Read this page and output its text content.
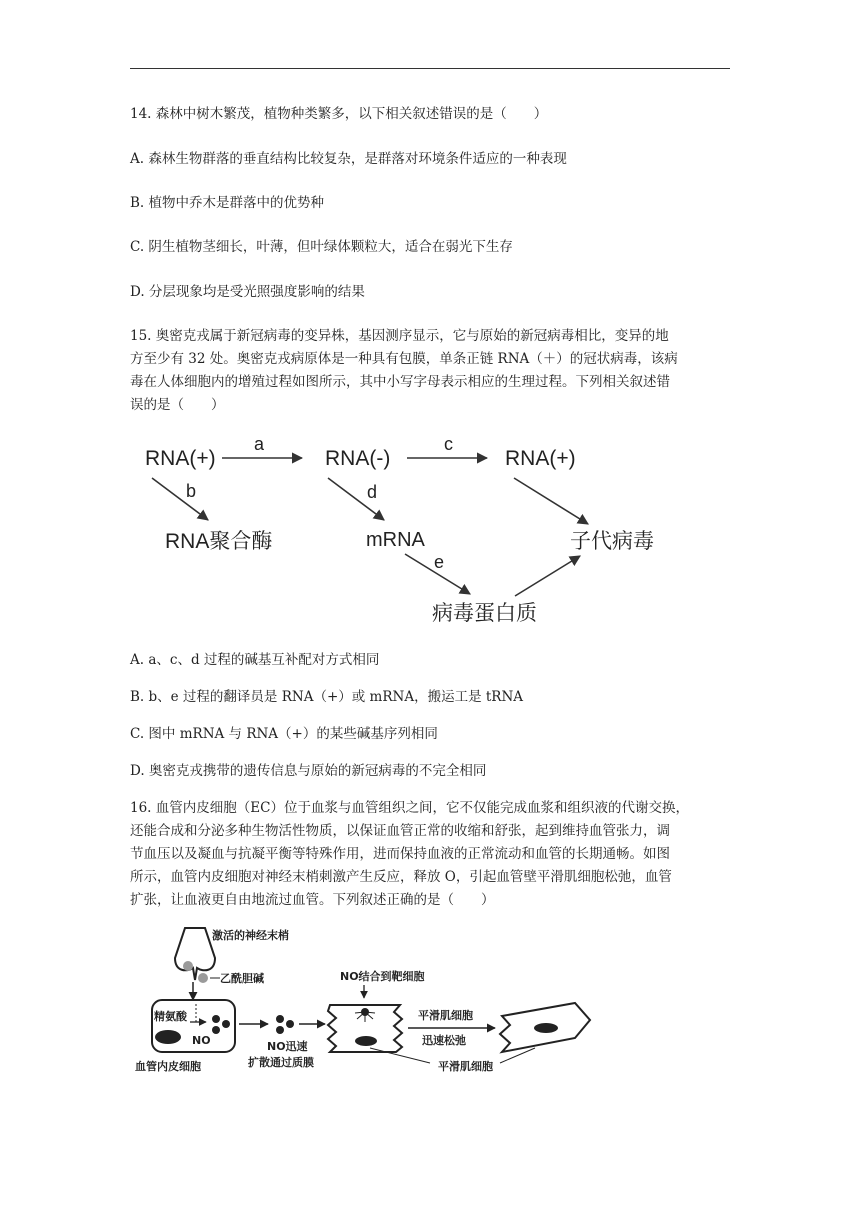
14. 森林中树木繁茂，植物种类繁多，以下相关叙述错误的是（　　）
A. 森林生物群落的垂直结构比较复杂，是群落对环境条件适应的一种表现
B. 植物中乔木是群落中的优势种
C. 阴生植物茎细长，叶薄，但叶绿体颗粒大，适合在弱光下生存
D. 分层现象均是受光照强度影响的结果
15. 奥密克戎属于新冠病毒的变异株，基因测序显示，它与原始的新冠病毒相比，变异的地
方至少有 32 处。奥密克戎病原体是一种具有包膜，单条正链 RNA（＋）的冠状病毒，该病
毒在人体细胞内的增殖过程如图所示，其中小写字母表示相应的生理过程。下列相关叙述错
误的是（　　）
RNA(+)	RNA(-)	RNA(+)
a	c
b
RNA聚合酶
d
mRNA	子代病毒
e
病毒蛋白质
A. a、c、d 过程的碱基互补配对方式相同
B. b、e 过程的翻译员是 RNA（+）或 mRNA，搬运工是 tRNA
C. 图中 mRNA 与 RNA（+）的某些碱基序列相同
D. 奥密克戎携带的遗传信息与原始的新冠病毒的不完全相同
16. 血管内皮细胞（EC）位于血浆与血管组织之间，它不仅能完成血浆和组织液的代谢交换，
还能合成和分泌多种生物活性物质，以保证血管正常的收缩和舒张，起到维持血管张力，调
节血压以及凝血与抗凝平衡等特殊作用，进而保持血液的正常流动和血管的长期通畅。如图
所示，血管内皮细胞对神经末梢刺激产生反应，释放 O，引起血管壁平滑肌细胞松弛，血管
扩张，让血液更自由地流过血管。下列叙述正确的是（　　）
激活的神经末梢
乙酰胆碱
精氨酸
NO
血管内皮细胞
NO迅速
扩散通过质膜
NO结合到靶细胞
平滑肌细胞
迅速松弛
平滑肌细胞
